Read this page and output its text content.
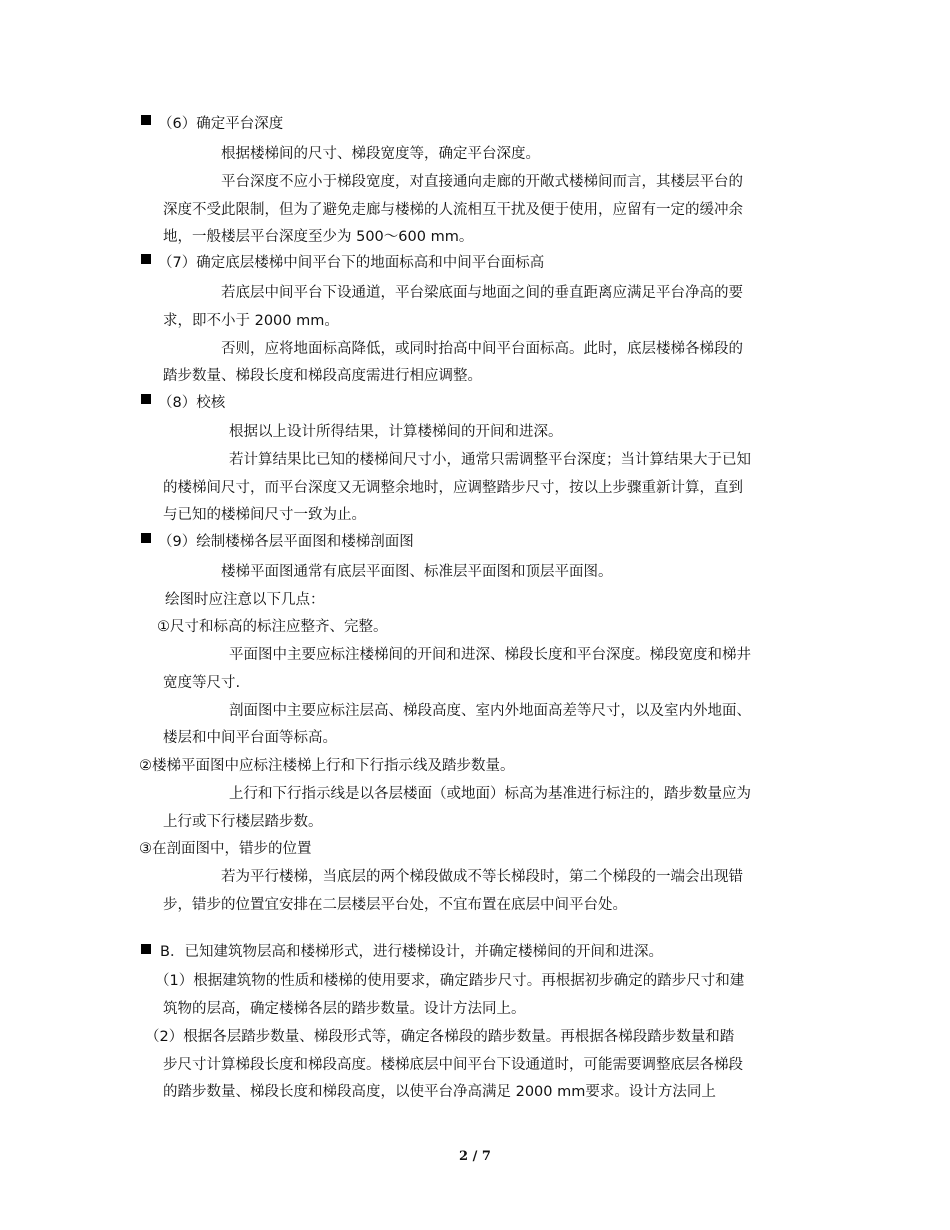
（6）确定平台深度
根据楼梯间的尺寸、梯段宽度等，确定平台深度。
平台深度不应小于梯段宽度，对直接通向走廊的开敞式楼梯间而言，其楼层平台的
深度不受此限制，但为了避免走廊与楼梯的人流相互干扰及便于使用，应留有一定的缓冲余
地，一般楼层平台深度至少为 500～600 mm。
（7）确定底层楼梯中间平台下的地面标高和中间平台面标高
若底层中间平台下设通道，平台梁底面与地面之间的垂直距离应满足平台净高的要
求，即不小于 2000 mm。
否则，应将地面标高降低，或同时抬高中间平台面标高。此时，底层楼梯各梯段的
踏步数量、梯段长度和梯段高度需进行相应调整。
（8）校核
根据以上设计所得结果，计算楼梯间的开间和进深。
若计算结果比已知的楼梯间尺寸小，通常只需调整平台深度；当计算结果大于已知
的楼梯间尺寸，而平台深度又无调整余地时，应调整踏步尺寸，按以上步骤重新计算，直到
与已知的楼梯间尺寸一致为止。
（9）绘制楼梯各层平面图和楼梯剖面图
楼梯平面图通常有底层平面图、标准层平面图和顶层平面图。
绘图时应注意以下几点：
①尺寸和标高的标注应整齐、完整。
平面图中主要应标注楼梯间的开间和进深、梯段长度和平台深度。梯段宽度和梯井
宽度等尺寸.
剖面图中主要应标注层高、梯段高度、室内外地面高差等尺寸，以及室内外地面、
楼层和中间平台面等标高。
②楼梯平面图中应标注楼梯上行和下行指示线及踏步数量。
上行和下行指示线是以各层楼面（或地面）标高为基准进行标注的，踏步数量应为
上行或下行楼层踏步数。
③在剖面图中，错步的位置
若为平行楼梯，当底层的两个梯段做成不等长梯段时，第二个梯段的一端会出现错
步，错步的位置宜安排在二层楼层平台处，不宜布置在底层中间平台处。
B．已知建筑物层高和楼梯形式，进行楼梯设计，并确定楼梯间的开间和进深。
（1）根据建筑物的性质和楼梯的使用要求，确定踏步尺寸。再根据初步确定的踏步尺寸和建
筑物的层高，确定楼梯各层的踏步数量。设计方法同上。
（2）根据各层踏步数量、梯段形式等，确定各梯段的踏步数量。再根据各梯段踏步数量和踏
步尺寸计算梯段长度和梯段高度。楼梯底层中间平台下设通道时，可能需要调整底层各梯段
的踏步数量、梯段长度和梯段高度，以使平台净高满足 2000 mm要求。设计方法同上
2 / 7
